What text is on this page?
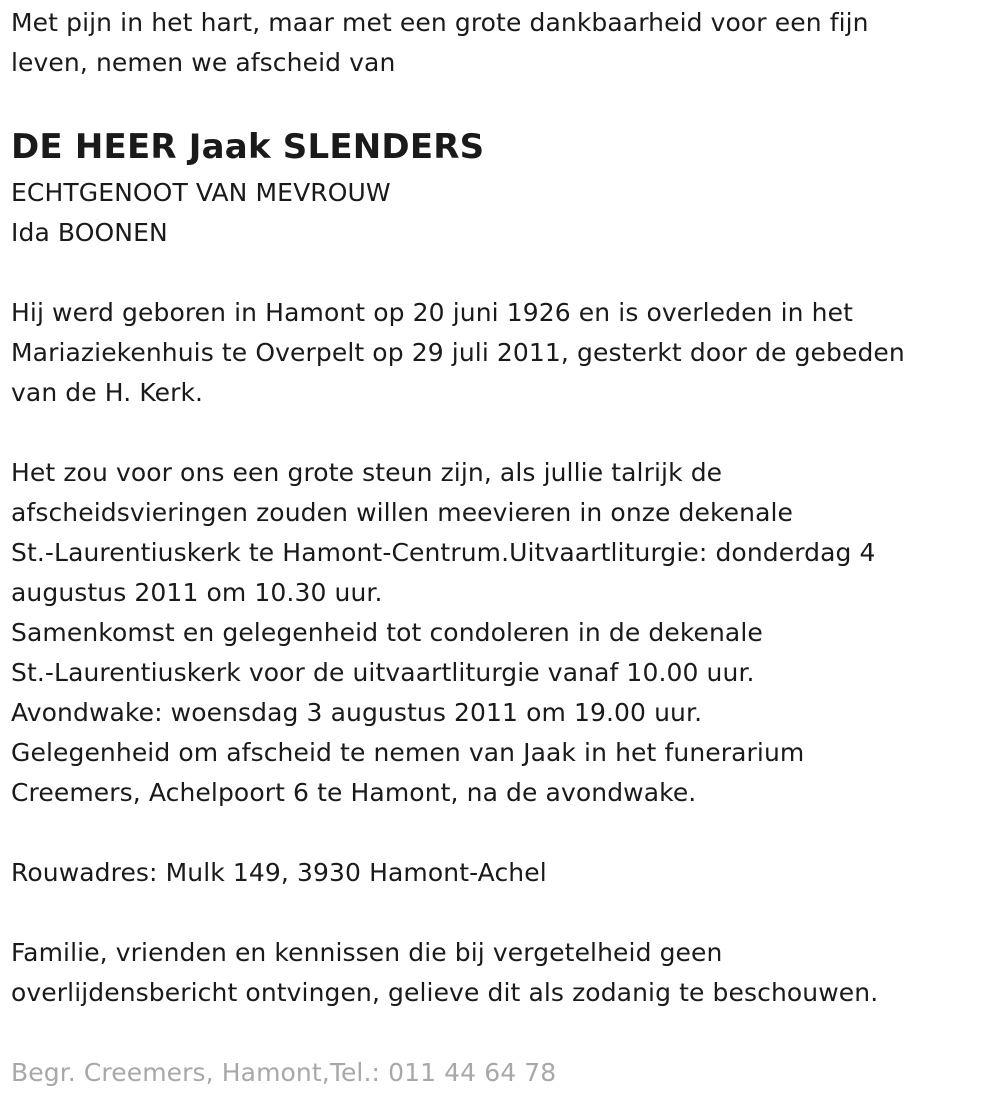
Met pijn in het hart, maar met een grote dankbaarheid voor een fijn
leven, nemen we afscheid van
DE HEER Jaak SLENDERS
ECHTGENOOT VAN MEVROUW
Ida BOONEN
Hij werd geboren in Hamont op 20 juni 1926 en is overleden in het
Mariaziekenhuis te Overpelt op 29 juli 2011, gesterkt door de gebeden
van de H. Kerk.
Het zou voor ons een grote steun zijn, als jullie talrijk de
afscheidsvieringen zouden willen meevieren in onze dekenale
St.-Laurentiuskerk te Hamont-Centrum.Uitvaartliturgie: donderdag 4
augustus 2011 om 10.30 uur.
Samenkomst en gelegenheid tot condoleren in de dekenale
St.-Laurentiuskerk voor de uitvaartliturgie vanaf 10.00 uur.
Avondwake: woensdag 3 augustus 2011 om 19.00 uur.
Gelegenheid om afscheid te nemen van Jaak in het funerarium
Creemers, Achelpoort 6 te Hamont, na de avondwake.
Rouwadres: Mulk 149, 3930 Hamont-Achel
Familie, vrienden en kennissen die bij vergetelheid geen
overlijdensbericht ontvingen, gelieve dit als zodanig te beschouwen.
Begr. Creemers, Hamont,Tel.: 011 44 64 78
